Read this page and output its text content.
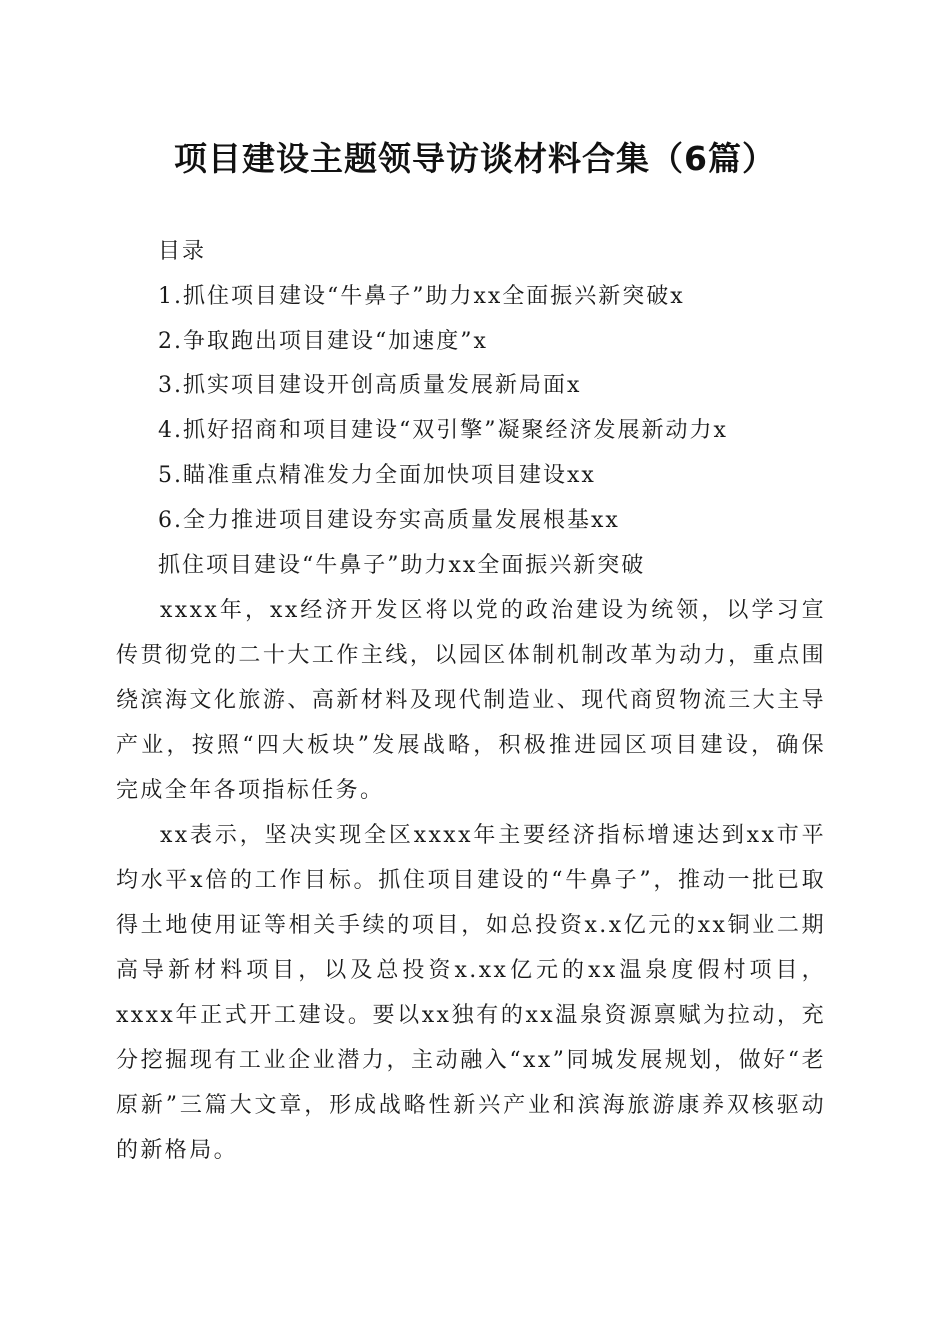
项目建设主题领导访谈材料合集（6篇）
目录
1.抓住项目建设“牛鼻子”助力xx全面振兴新突破x
2.争取跑出项目建设“加速度”x
3.抓实项目建设开创高质量发展新局面x
4.抓好招商和项目建设“双引擎”凝聚经济发展新动力x
5.瞄准重点精准发力全面加快项目建设xx
6.全力推进项目建设夯实高质量发展根基xx
抓住项目建设“牛鼻子”助力xx全面振兴新突破

xxxx年，xx经济开发区将以党的政治建设为统领，以学习宣传贯彻党的二十大工作主线，以园区体制机制改革为动力，重点围绕滨海文化旅游、高新材料及现代制造业、现代商贸物流三大主导产业，按照“四大板块”发展战略，积极推进园区项目建设，确保完成全年各项指标任务。

xx表示，坚决实现全区xxxx年主要经济指标增速达到xx市平均水平x倍的工作目标。抓住项目建设的“牛鼻子”，推动一批已取得土地使用证等相关手续的项目，如总投资x.x亿元的xx铜业二期高导新材料项目，以及总投资x.xx亿元的xx温泉度假村项目，xxxx年正式开工建设。要以xx独有的xx温泉资源禀赋为拉动，充分挖掘现有工业企业潜力，主动融入“xx”同城发展规划，做好“老原新”三篇大文章，形成战略性新兴产业和滨海旅游康养双核驱动的新格局。
